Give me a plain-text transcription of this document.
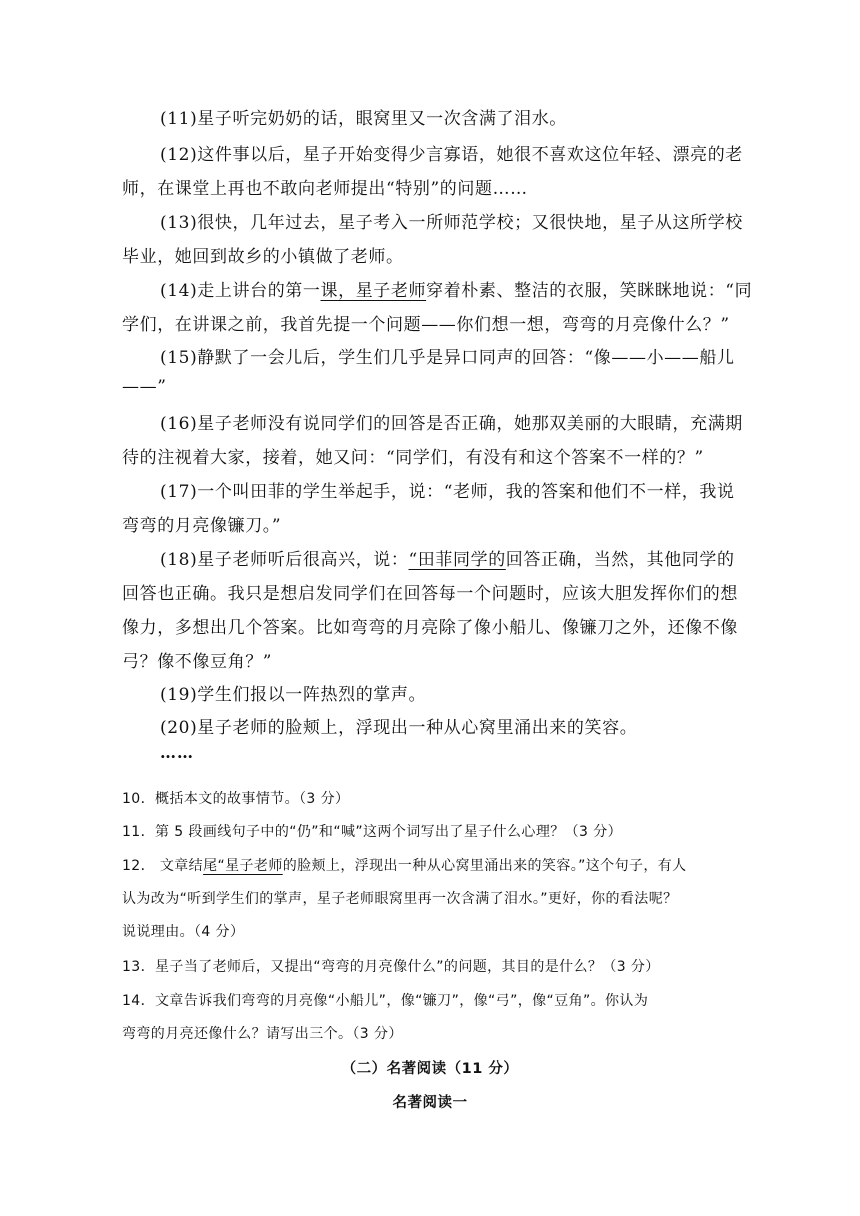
(11)星子听完奶奶的话，眼窝里又一次含满了泪水。
(12)这件事以后，星子开始变得少言寡语，她很不喜欢这位年轻、漂亮的老
师，在课堂上再也不敢向老师提出“特别”的问题……
(13)很快，几年过去，星子考入一所师范学校；又很快地，星子从这所学校
毕业，她回到故乡的小镇做了老师。
(14)走上讲台的第一课，星子老师穿着朴素、整洁的衣服，笑眯眯地说：“同
学们，在讲课之前，我首先提一个问题——你们想一想，弯弯的月亮像什么？”
(15)静默了一会儿后，学生们几乎是异口同声的回答：“像——小——船儿
——”
(16)星子老师没有说同学们的回答是否正确，她那双美丽的大眼睛，充满期
待的注视着大家，接着，她又问：“同学们，有没有和这个答案不一样的？”
(17)一个叫田菲的学生举起手，说：“老师，我的答案和他们不一样，我说
弯弯的月亮像镰刀。”
(18)星子老师听后很高兴，说：“田菲同学的回答正确，当然，其他同学的
回答也正确。我只是想启发同学们在回答每一个问题时，应该大胆发挥你们的想
像力，多想出几个答案。比如弯弯的月亮除了像小船儿、像镰刀之外，还像不像
弓？像不像豆角？”
(19)学生们报以一阵热烈的掌声。
(20)星子老师的脸颊上，浮现出一种从心窝里涌出来的笑容。
……
10．概括本文的故事情节。（3 分）
11．第 5 段画线句子中的“仍”和“喊”这两个词写出了星子什么心理？（3 分）
12． 文章结尾“星子老师的脸颊上，浮现出一种从心窝里涌出来的笑容。”这个句子，有人
认为改为“听到学生们的掌声，星子老师眼窝里再一次含满了泪水。”更好，你的看法呢？
说说理由。（4 分）
13．星子当了老师后，又提出“弯弯的月亮像什么”的问题，其目的是什么？（3 分）
14．文章告诉我们弯弯的月亮像“小船儿”，像“镰刀”，像“弓”，像“豆角”。你认为
弯弯的月亮还像什么？请写出三个。（3 分）
（二）名著阅读（11 分）
名著阅读一
